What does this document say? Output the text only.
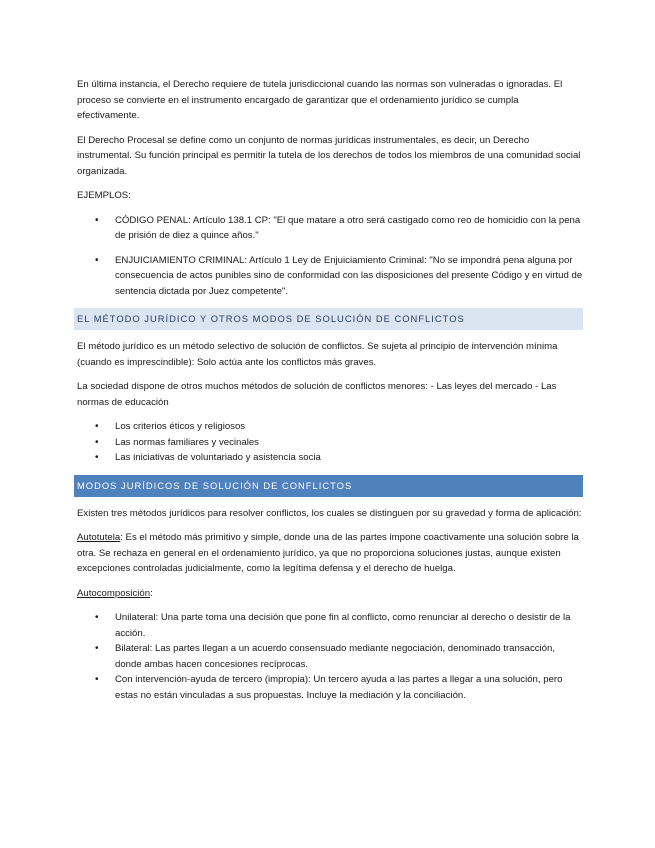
En última instancia, el Derecho requiere de tutela jurisdiccional cuando las normas son vulneradas o ignoradas. El proceso se convierte en el instrumento encargado de garantizar que el ordenamiento jurídico se cumpla efectivamente.

El Derecho Procesal se define como un conjunto de normas jurídicas instrumentales, es decir, un Derecho instrumental. Su función principal es permitir la tutela de los derechos de todos los miembros de una comunidad social organizada.

EJEMPLOS:

• CÓDIGO PENAL: Artículo 138.1 CP: "El que matare a otro será castigado como reo de homicidio con la pena de prisión de diez a quince años."
• ENJUICIAMIENTO CRIMINAL: Artículo 1 Ley de Enjuiciamiento Criminal: "No se impondrá pena alguna por consecuencia de actos punibles sino de conformidad con las disposiciones del presente Código y en virtud de sentencia dictada por Juez competente".
EL MÉTODO JURÍDICO Y OTROS MODOS DE SOLUCIÓN DE CONFLICTOS

El método jurídico es un método selectivo de solución de conflictos. Se sujeta al principio de intervención mínima (cuando es imprescindible): Solo actúa ante los conflictos más graves.

La sociedad dispone de otros muchos métodos de solución de conflictos menores: - Las leyes del mercado - Las normas de educación

• Los criterios éticos y religiosos
• Las normas familiares y vecinales
• Las iniciativas de voluntariado y asistencia socia
MODOS JURÍDICOS DE SOLUCIÓN DE CONFLICTOS

Existen tres métodos jurídicos para resolver conflictos, los cuales se distinguen por su gravedad y forma de aplicación:

Autotutela: Es el método más primitivo y simple, donde una de las partes impone coactivamente una solución sobre la otra. Se rechaza en general en el ordenamiento jurídico, ya que no proporciona soluciones justas, aunque existen excepciones controladas judicialmente, como la legítima defensa y el derecho de huelga.

Autocomposición:

• Unilateral: Una parte toma una decisión que pone fin al conflicto, como renunciar al derecho o desistir de la acción.
• Bilateral: Las partes llegan a un acuerdo consensuado mediante negociación, denominado transacción, donde ambas hacen concesiones recíprocas.
• Con intervención-ayuda de tercero (impropia): Un tercero ayuda a las partes a llegar a una solución, pero estas no están vinculadas a sus propuestas. Incluye la mediación y la conciliación.
